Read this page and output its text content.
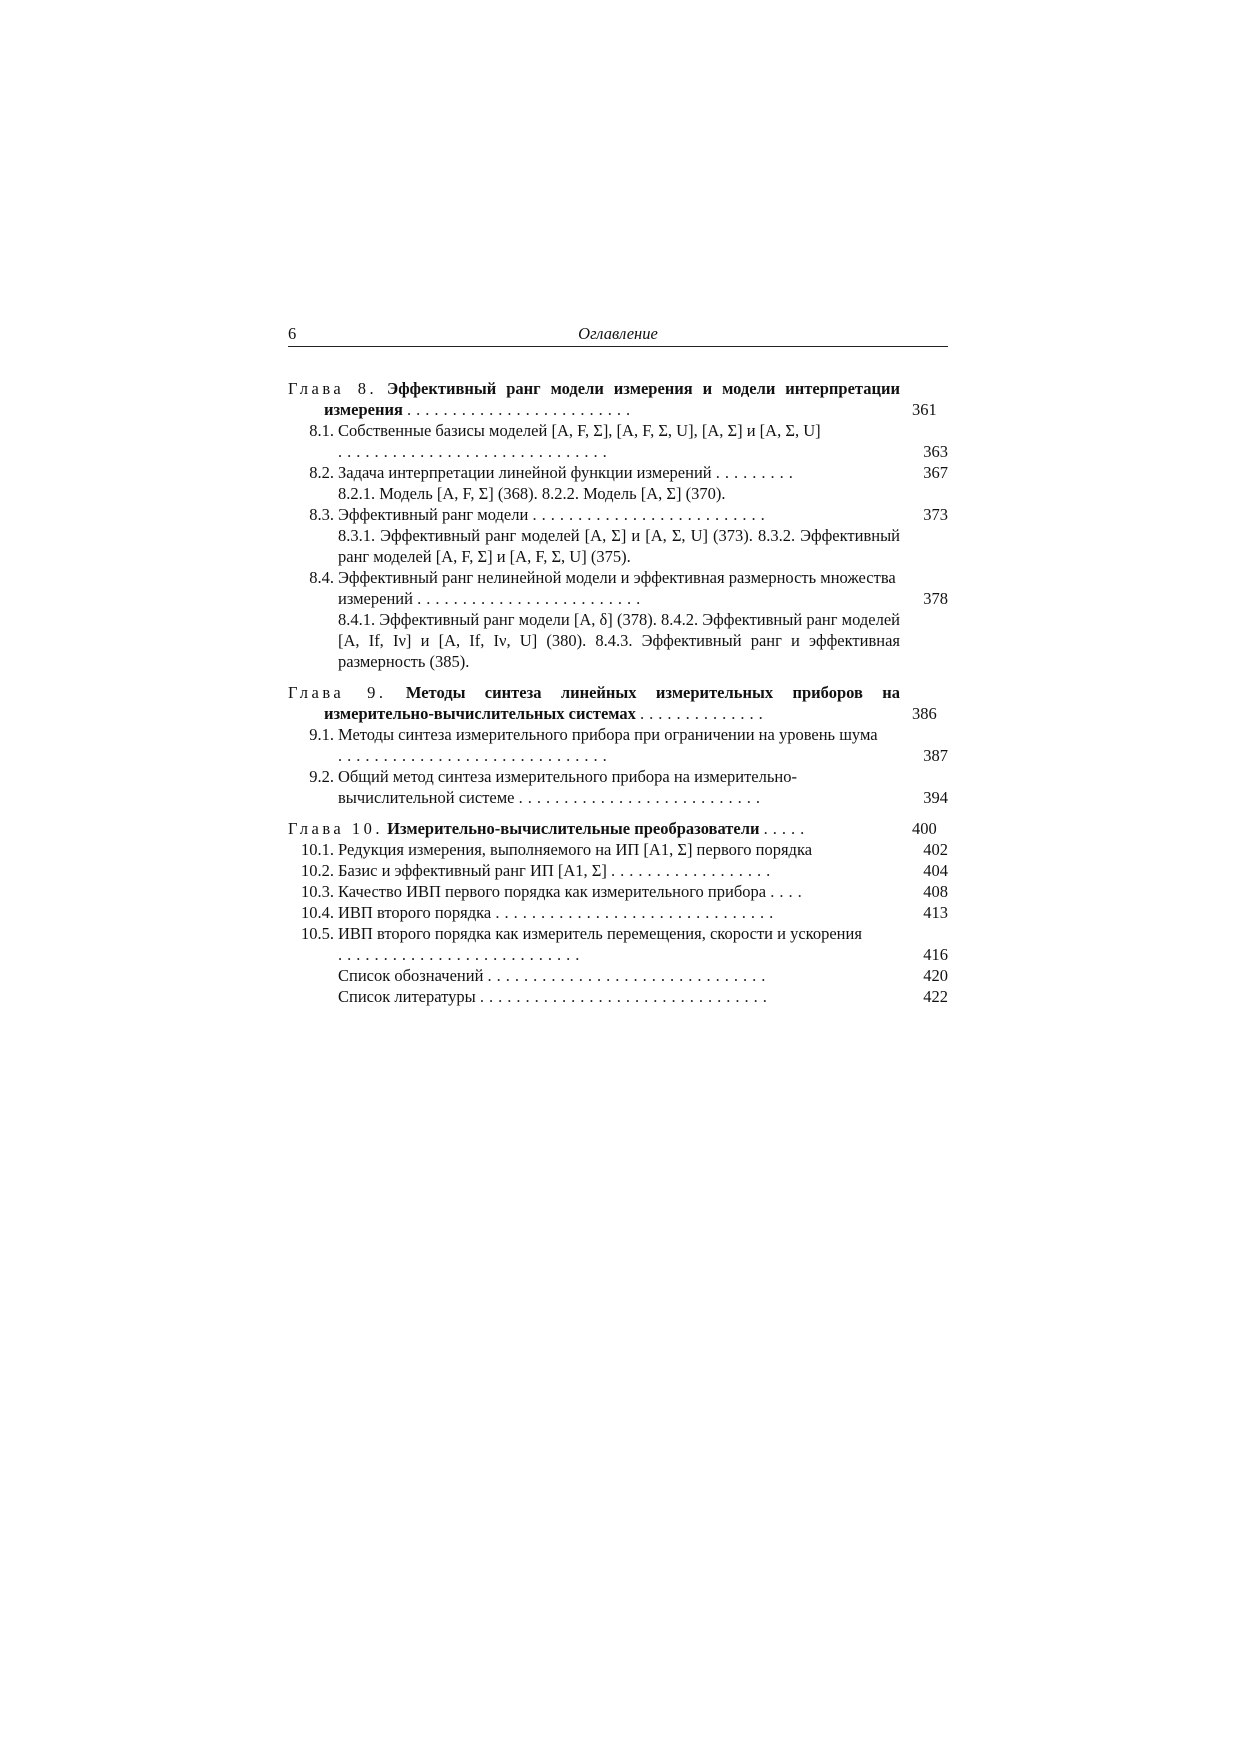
6	Оглавление
Глава 8. Эффективный ранг модели измерения и модели интерпретации измерения .........................	361
8.1. Собственные базисы моделей [A, F, Σ], [A, F, Σ, U], [A, Σ] и [A, Σ, U] ..............................	363
8.2. Задача интерпретации линейной функции измерений .........	367
8.2.1. Модель [A, F, Σ] (368). 8.2.2. Модель [A, Σ] (370).
8.3. Эффективный ранг модели ..........................	373
8.3.1. Эффективный ранг моделей [A, Σ] и [A, Σ, U] (373). 8.3.2. Эффективный ранг моделей [A, F, Σ] и [A, F, Σ, U] (375).
8.4. Эффективный ранг нелинейной модели и эффективная размерность множества измерений .........................	378
8.4.1. Эффективный ранг модели [A, δ] (378). 8.4.2. Эффективный ранг моделей [A, If, Iν] и [A, If, Iν, U] (380). 8.4.3. Эффективный ранг и эффективная размерность (385).
Глава 9. Методы синтеза линейных измерительных приборов на измерительно-вычислительных системах ..............	386
9.1. Методы синтеза измерительного прибора при ограничении на уровень шума ..............................	387
9.2. Общий метод синтеза измерительного прибора на измерительно-вычислительной системе ...........................	394
Глава 10. Измерительно-вычислительные преобразователи .....	400
10.1. Редукция измерения, выполняемого на ИП [A1, Σ] первого порядка	402
10.2. Базис и эффективный ранг ИП [A1, Σ] ..................	404
10.3. Качество ИВП первого порядка как измерительного прибора ....	408
10.4. ИВП второго порядка ...............................	413
10.5. ИВП второго порядка как измеритель перемещения, скорости и ускорения ...........................	416
Список обозначений ...............................	420
Список литературы ................................	422
